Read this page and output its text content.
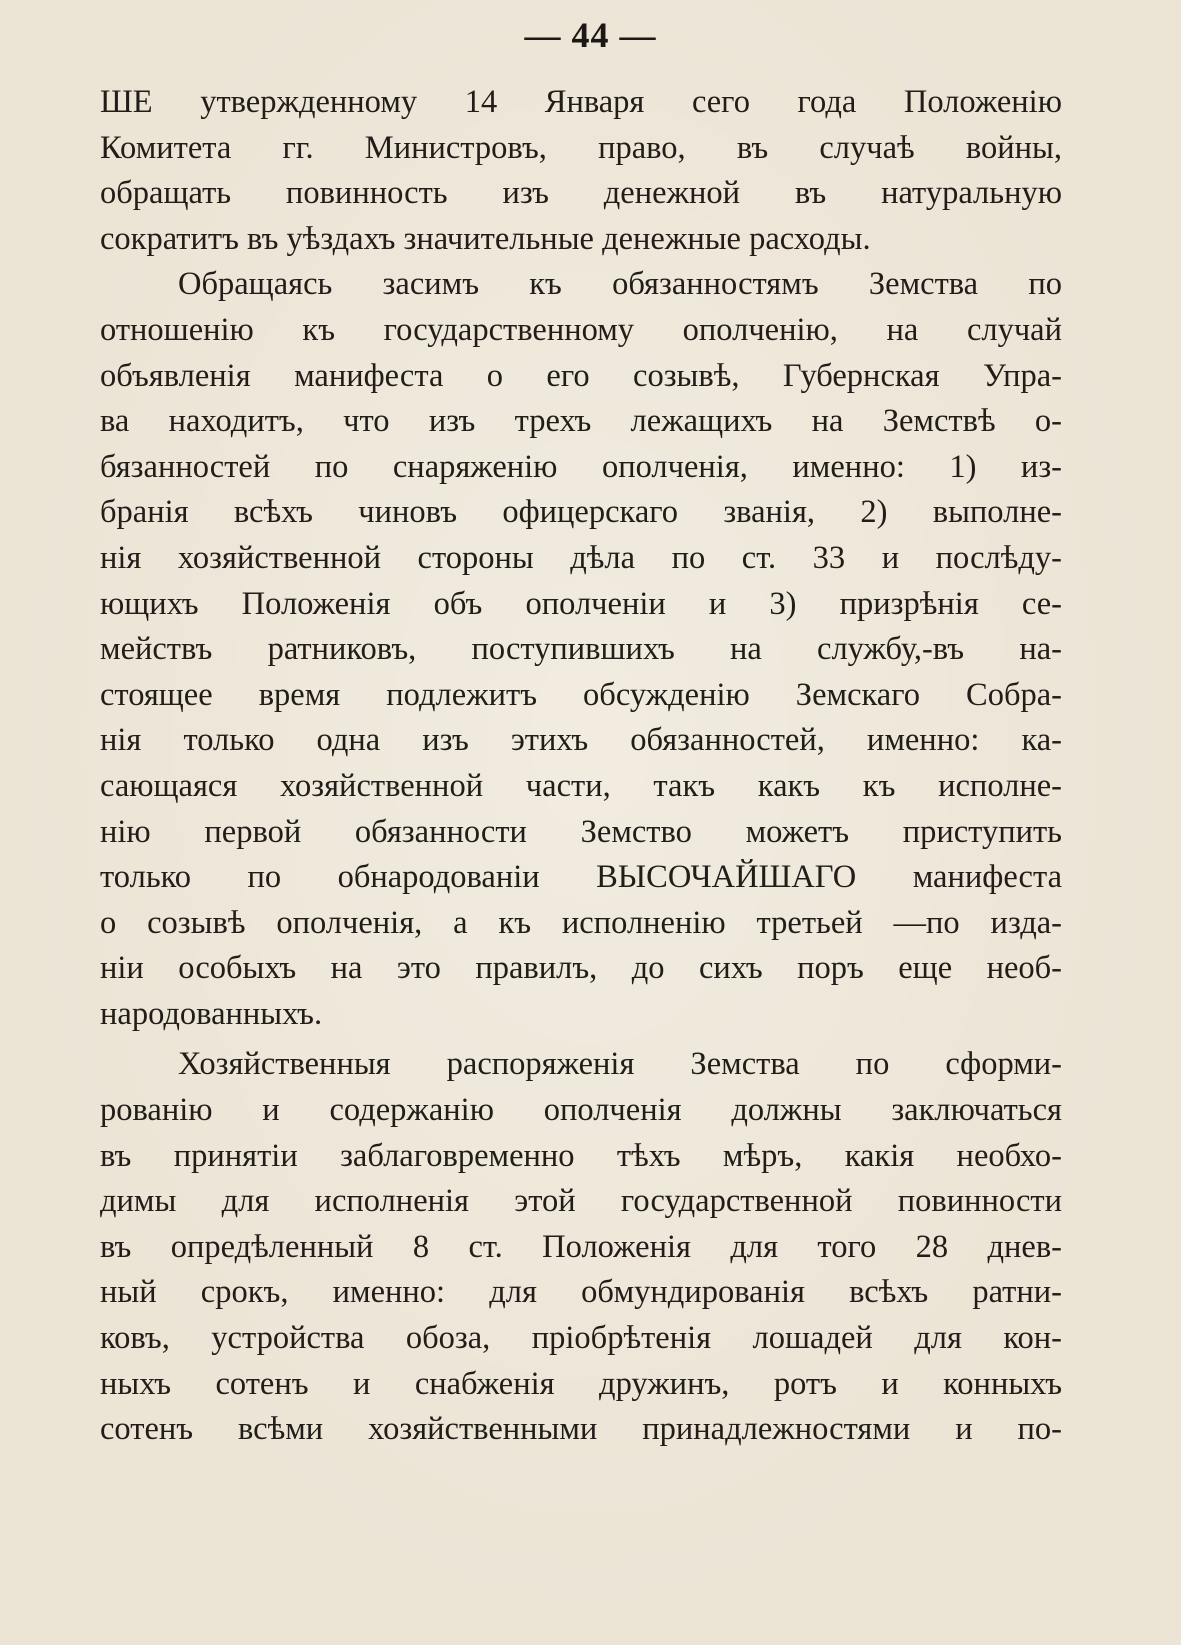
— 44 —
ШЕ утвержденному 14 Января сего года Положенію
Комитета гг. Министровъ, право, въ случаѣ войны,
обращать повинность изъ денежной въ натуральную
сократитъ въ уѣздахъ значительные денежные расходы.
Обращаясь засимъ къ обязанностямъ Земства по
отношенію къ государственному ополченію, на случай
объявленія манифеста о его созывѣ, Губернская Упра-
ва находитъ, что изъ трехъ лежащихъ на Земствѣ о-
бязанностей по снаряженію ополченія, именно: 1) из-
бранія всѣхъ чиновъ офицерскаго званія, 2) выполне-
нія хозяйственной стороны дѣла по ст. 33 и послѣду-
ющихъ Положенія объ ополченіи и 3) призрѣнія се-
мействъ ратниковъ, поступившихъ на службу,-въ на-
стоящее время подлежитъ обсужденію Земскаго Собра-
нія только одна изъ этихъ обязанностей, именно: ка-
сающаяся хозяйственной части, такъ какъ къ исполне-
нію первой обязанности Земство можетъ приступить
только по обнародованіи ВЫСОЧАЙШАГО манифеста
о созывѣ ополченія, а къ исполненію третьей —по изда-
ніи особыхъ на это правилъ, до сихъ поръ еще необ-
народованныхъ.
Хозяйственныя распоряженія Земства по сформи-
рованію и содержанію ополченія должны заключаться
въ принятіи заблаговременно тѣхъ мѣръ, какія необхо-
димы для исполненія этой государственной повинности
въ опредѣленный 8 ст. Положенія для того 28 днев-
ный срокъ, именно: для обмундированія всѣхъ ратни-
ковъ, устройства обоза, пріобрѣтенія лошадей для кон-
ныхъ сотенъ и снабженія дружинъ, ротъ и конныхъ
сотенъ всѣми хозяйственными принадлежностями и по-
